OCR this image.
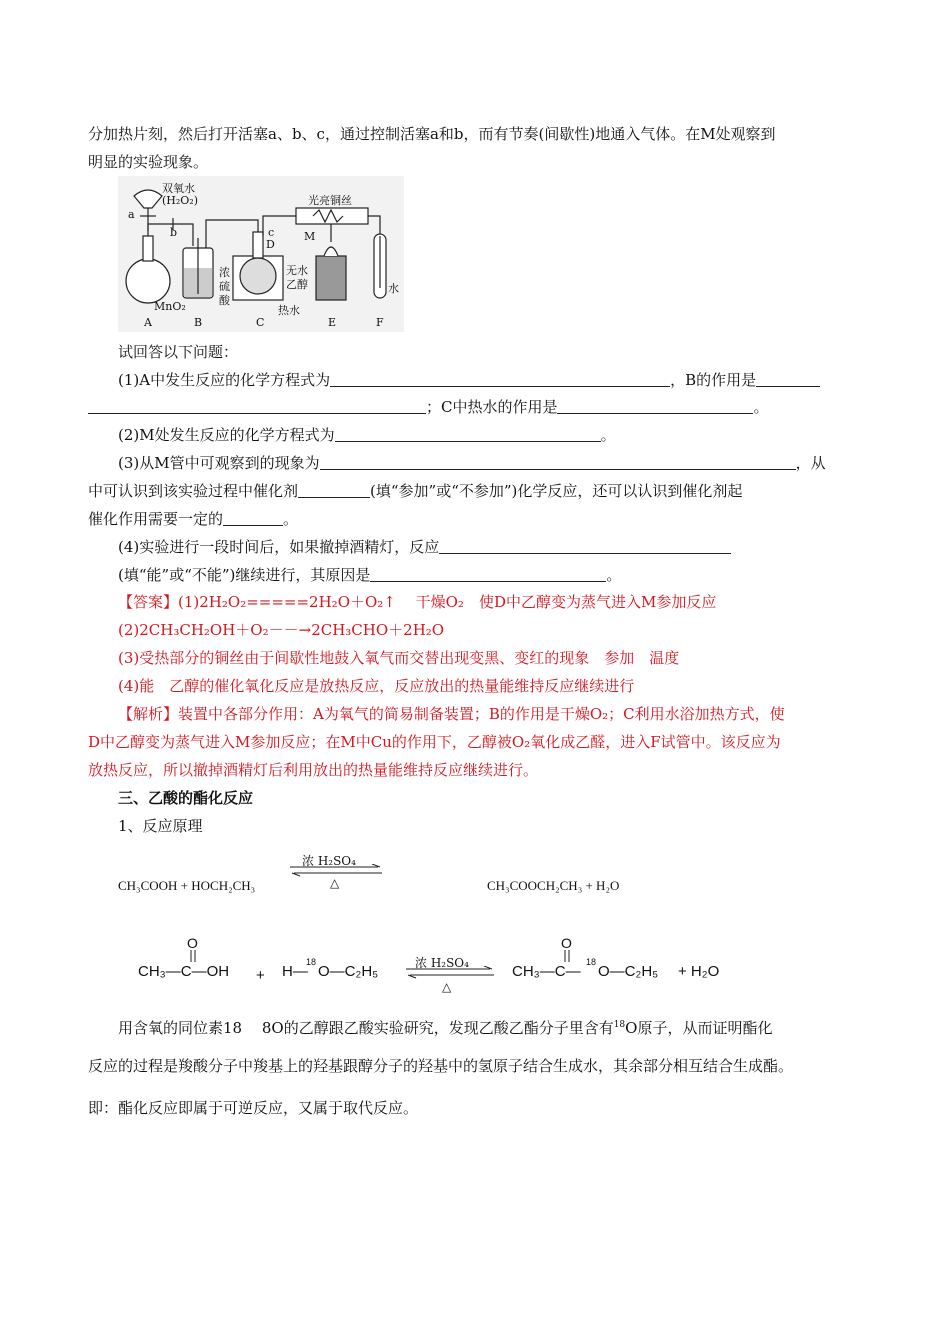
分加热片刻，然后打开活塞a、b、c，通过控制活塞a和b，而有节奏(间歇性)地通入气体。在M处观察到
明显的实验现象。
双氧水
(H₂O₂)
a
b	c
D
M
光亮铜丝
浓
硫
酸
无水
乙醇
热水
MnO₂
水
A	B	C	E	F
试回答以下问题：
(1)A中发生反应的化学方程式为	，B的作用是
；C中热水的作用是	。
(2)M处发生反应的化学方程式为	。
(3)从M管中可观察到的现象为	，从
中可认识到该实验过程中催化剂	(填“参加”或“不参加”)化学反应，还可以认识到催化剂起
催化作用需要一定的	。
(4)实验进行一段时间后，如果撤掉酒精灯，反应
(填“能”或“不能”)继续进行，其原因是	。
【答案】(1)2H₂O₂=====2H₂O＋O₂↑　 干燥O₂　使D中乙醇变为蒸气进入M参加反应
(2)2CH₃CH₂OH＋O₂－－→2CH₃CHO＋2H₂O
(3)受热部分的铜丝由于间歇性地鼓入氧气而交替出现变黑、变红的现象　参加　温度
(4)能　乙醇的催化氧化反应是放热反应，反应放出的热量能维持反应继续进行
【解析】装置中各部分作用：A为氧气的简易制备装置；B的作用是干燥O₂；C利用水浴加热方式，使
D中乙醇变为蒸气进入M参加反应；在M中Cu的作用下，乙醇被O₂氧化成乙醛，进入F试管中。该反应为
放热反应，所以撤掉酒精灯后利用放出的热量能维持反应继续进行。
三、乙酸的酯化反应
1、反应原理
CH₃COOH + HOCH₂CH₃
浓 H₂SO₄
△	CH₃COOCH₂CH₃ + H₂O
O
CH₃—C—OH + H—
18
O—C₂H₅	浓 H₂SO₄
△
O
CH₃—C—
18
O—C₂H₅ + H₂O
用含氧的同位素18　 8O的乙醇跟乙酸实验研究，发现乙酸乙酯分子里含有$^{18}$O原子，从而证明酯化
反应的过程是羧酸分子中羧基上的羟基跟醇分子的羟基中的氢原子结合生成水，其余部分相互结合生成酯。
即：酯化反应即属于可逆反应，又属于取代反应。
